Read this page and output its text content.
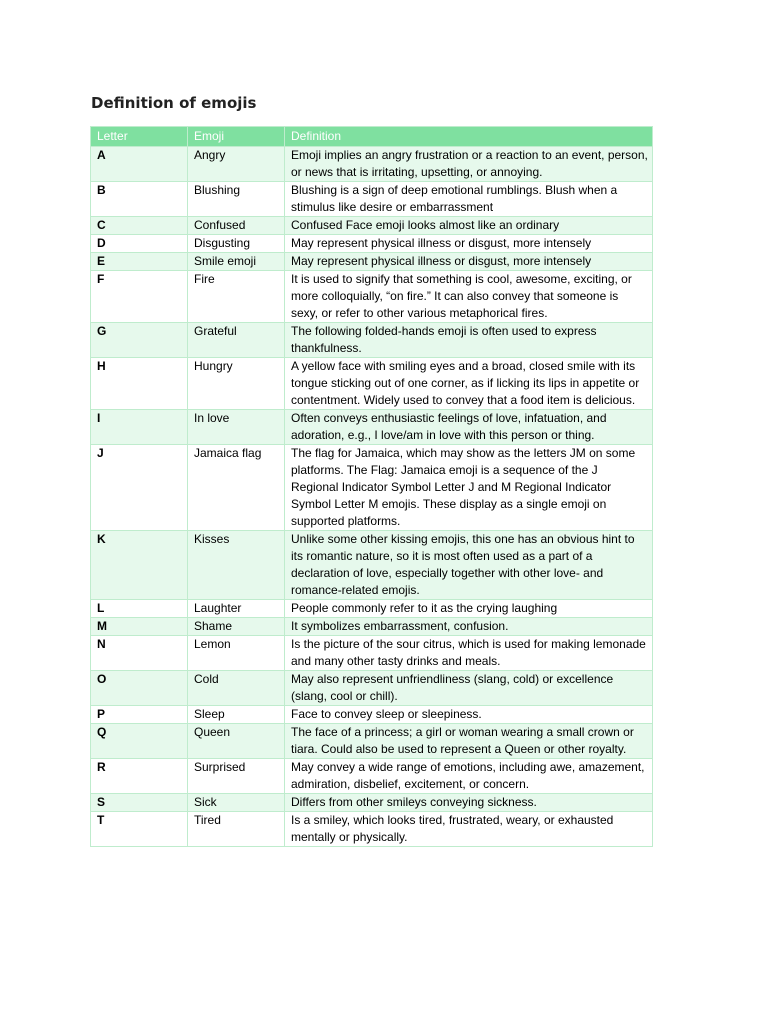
Definition of emojis
Letter	Emoji	Definition
A	Angry	Emoji implies an angry frustration or a reaction to an event, person, or news that is irritating, upsetting, or annoying.
B	Blushing	Blushing is a sign of deep emotional rumblings. Blush when a stimulus like desire or embarrassment
C	Confused	Confused Face emoji looks almost like an ordinary
D	Disgusting	May represent physical illness or disgust, more intensely
E	Smile emoji	May represent physical illness or disgust, more intensely
F	Fire	It is used to signify that something is cool, awesome, exciting, or more colloquially, “on fire.” It can also convey that someone is sexy, or refer to other various metaphorical fires.
G	Grateful	The following folded-hands emoji is often used to express thankfulness.
H	Hungry	A yellow face with smiling eyes and a broad, closed smile with its tongue sticking out of one corner, as if licking its lips in appetite or contentment. Widely used to convey that a food item is delicious.
I	In love	Often conveys enthusiastic feelings of love, infatuation, and adoration, e.g., I love/am in love with this person or thing.
J	Jamaica flag	The flag for Jamaica, which may show as the letters JM on some platforms. The Flag: Jamaica emoji is a sequence of the J Regional Indicator Symbol Letter J and M Regional Indicator Symbol Letter M emojis. These display as a single emoji on supported platforms.
K	Kisses	Unlike some other kissing emojis, this one has an obvious hint to its romantic nature, so it is most often used as a part of a declaration of love, especially together with other love- and romance-related emojis.
L	Laughter	People commonly refer to it as the crying laughing
M	Shame	It symbolizes embarrassment, confusion.
N	Lemon	Is the picture of the sour citrus, which is used for making lemonade and many other tasty drinks and meals.
O	Cold	May also represent unfriendliness (slang, cold) or excellence (slang, cool or chill).
P	Sleep	Face to convey sleep or sleepiness.
Q	Queen	The face of a princess; a girl or woman wearing a small crown or tiara. Could also be used to represent a Queen or other royalty.
R	Surprised	May convey a wide range of emotions, including awe, amazement, admiration, disbelief, excitement, or concern.
S	Sick	Differs from other smileys conveying sickness.
T	Tired	Is a smiley, which looks tired, frustrated, weary, or exhausted mentally or physically.
